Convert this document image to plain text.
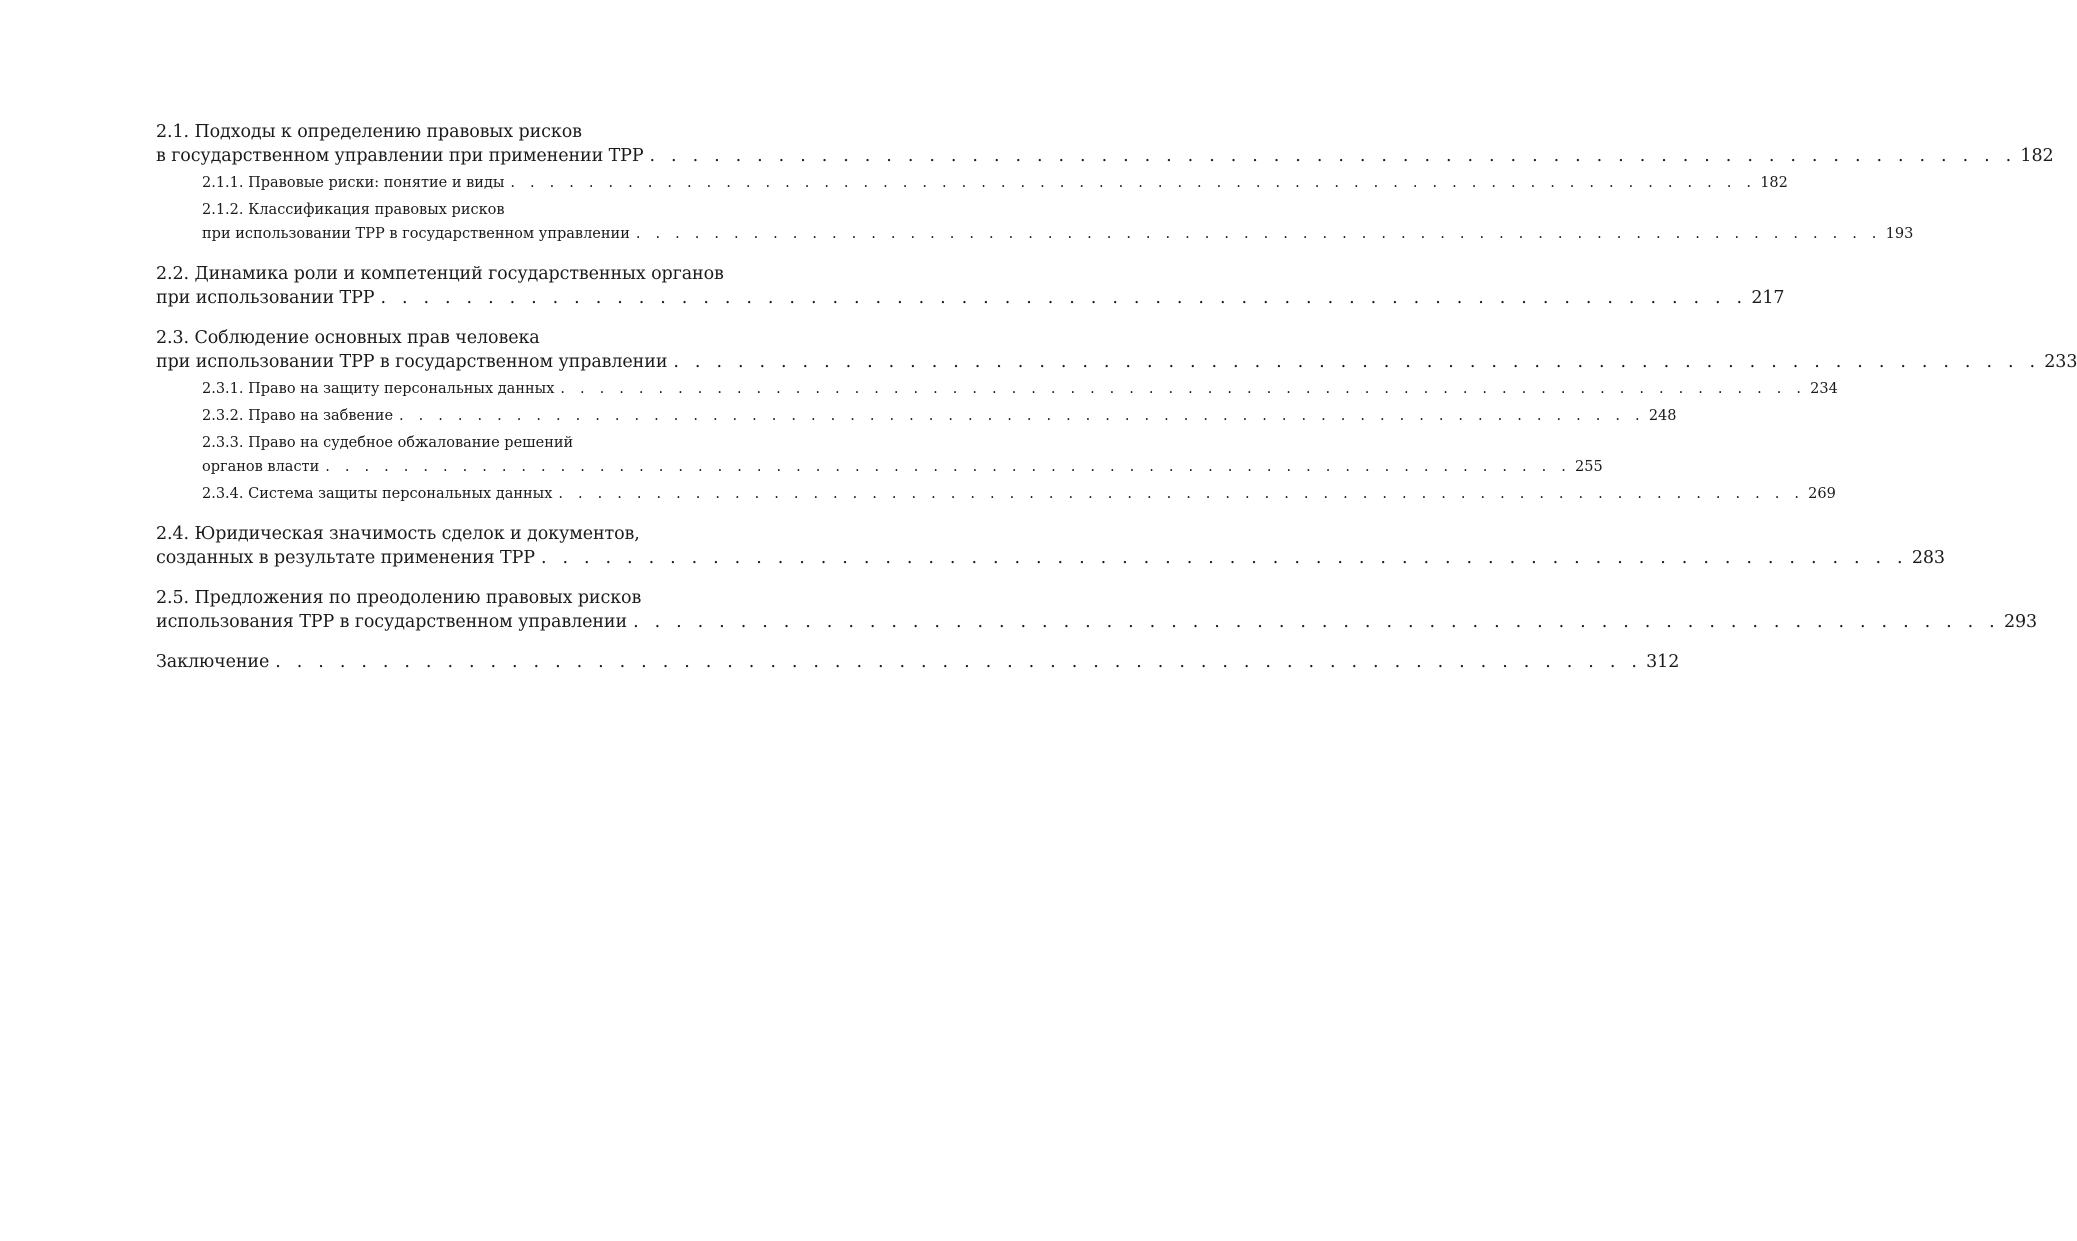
2.1. Подходы к определению правовых рисков
в государственном управлении при применении ТРР . . . . . . . . . . . . . . . . . . . . . . . . . . . . . . . . . . . . . . . . . . . . . . . . . . . . . . . . . . . . . . . . 182
2.1.1. Правовые риски: понятие и виды . . . . . . . . . . . . . . . . . . . . . . . . . . . . . . . . . . . . . . . . . . . . . . . . . . . . . . . . . . . . . . . . 182
2.1.2. Классификация правовых рисков
при использовании ТРР в государственном управлении . . . . . . . . . . . . . . . . . . . . . . . . . . . . . . . . . . . . . . . . . . . . . . . . . . . . . . . . . . . . . . . . 193
2.2. Динамика роли и компетенций государственных органов
при использовании ТРР . . . . . . . . . . . . . . . . . . . . . . . . . . . . . . . . . . . . . . . . . . . . . . . . . . . . . . . . . . . . . . . . 217
2.3. Соблюдение основных прав человека
при использовании ТРР в государственном управлении . . . . . . . . . . . . . . . . . . . . . . . . . . . . . . . . . . . . . . . . . . . . . . . . . . . . . . . . . . . . . . . . 233
2.3.1. Право на защиту персональных данных . . . . . . . . . . . . . . . . . . . . . . . . . . . . . . . . . . . . . . . . . . . . . . . . . . . . . . . . . . . . . . . . 234
2.3.2. Право на забвение . . . . . . . . . . . . . . . . . . . . . . . . . . . . . . . . . . . . . . . . . . . . . . . . . . . . . . . . . . . . . . . . 248
2.3.3. Право на судебное обжалование решений
органов власти . . . . . . . . . . . . . . . . . . . . . . . . . . . . . . . . . . . . . . . . . . . . . . . . . . . . . . . . . . . . . . . . 255
2.3.4. Система защиты персональных данных . . . . . . . . . . . . . . . . . . . . . . . . . . . . . . . . . . . . . . . . . . . . . . . . . . . . . . . . . . . . . . . . 269
2.4. Юридическая значимость сделок и документов,
созданных в результате применения ТРР . . . . . . . . . . . . . . . . . . . . . . . . . . . . . . . . . . . . . . . . . . . . . . . . . . . . . . . . . . . . . . . . 283
2.5. Предложения по преодолению правовых рисков
использования ТРР в государственном управлении . . . . . . . . . . . . . . . . . . . . . . . . . . . . . . . . . . . . . . . . . . . . . . . . . . . . . . . . . . . . . . . . 293
Заключение . . . . . . . . . . . . . . . . . . . . . . . . . . . . . . . . . . . . . . . . . . . . . . . . . . . . . . . . . . . . . . . . 312
